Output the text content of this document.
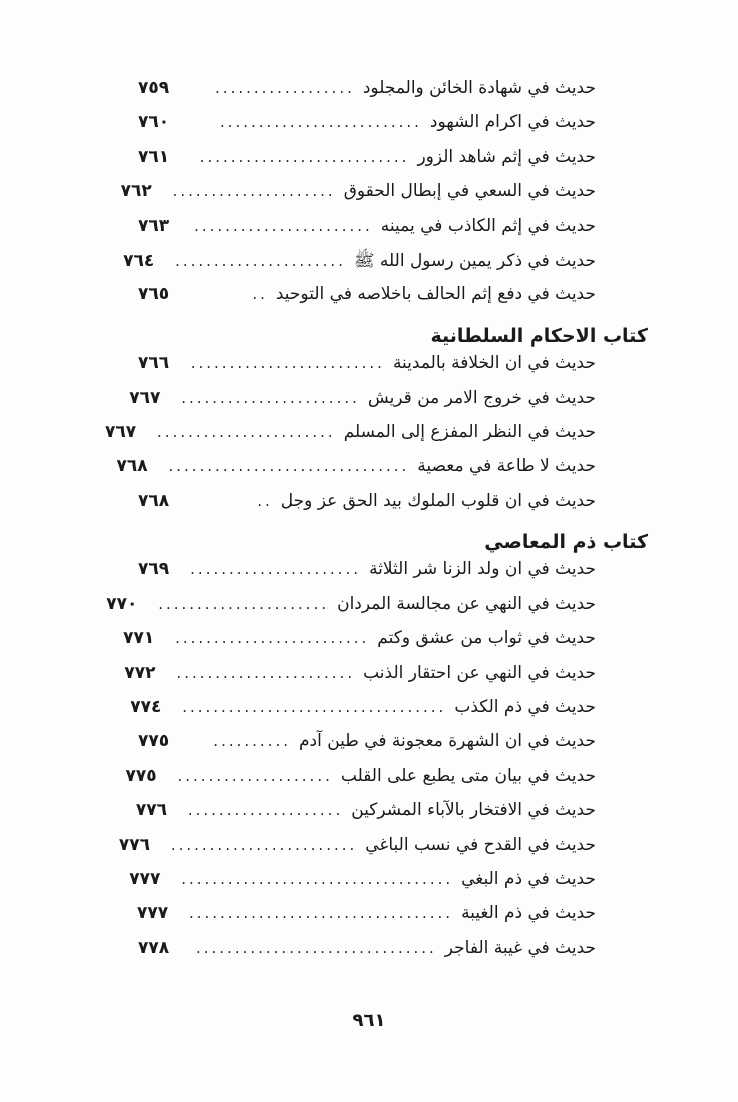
حديث في شهادة الخائن والمجلود
..................
٧٥٩
حديث في اكرام الشهود
..........................
٧٦٠
حديث في إثم شاهد الزور
...........................
٧٦١
حديث في السعي في إبطال الحقوق
.....................
٧٦٢
حديث في إثم الكاذب في يمينه
.......................
٧٦٣
حديث في ذكر يمين رسول الله ﷺ
......................
٧٦٤
حديث في دفع إثم الحالف باخلاصه في التوحيد
..
٧٦٥
كتاب الاحكام السلطانية
حديث في ان الخلافة بالمدينة
.........................
٧٦٦
حديث في خروج الامر من قريش
.......................
٧٦٧
حديث في النظر المفزع إلى المسلم
.......................
٧٦٧
حديث لا طاعة في معصية
...............................
٧٦٨
حديث في ان قلوب الملوك بيد الحق عز وجل
..
٧٦٨
كتاب ذم المعاصي
حديث في ان ولد الزنا شر الثلاثة
......................
٧٦٩
حديث في النهي عن مجالسة المردان
......................
٧٧٠
حديث في ثواب من عشق وكتم
.........................
٧٧١
حديث في النهي عن احتقار الذنب
.......................
٧٧٢
حديث في ذم الكذب
..................................
٧٧٤
حديث في ان الشهرة معجونة في طين آدم
..........
٧٧٥
حديث في بيان متى يطبع على القلب
....................
٧٧٥
حديث في الافتخار بالآباء المشركين
....................
٧٧٦
حديث في القدح في نسب الباغي
........................
٧٧٦
حديث في ذم البغي
...................................
٧٧٧
حديث في ذم الغيبة
..................................
٧٧٧
حديث في غيبة الفاجر
...............................
٧٧٨
٩٦١
